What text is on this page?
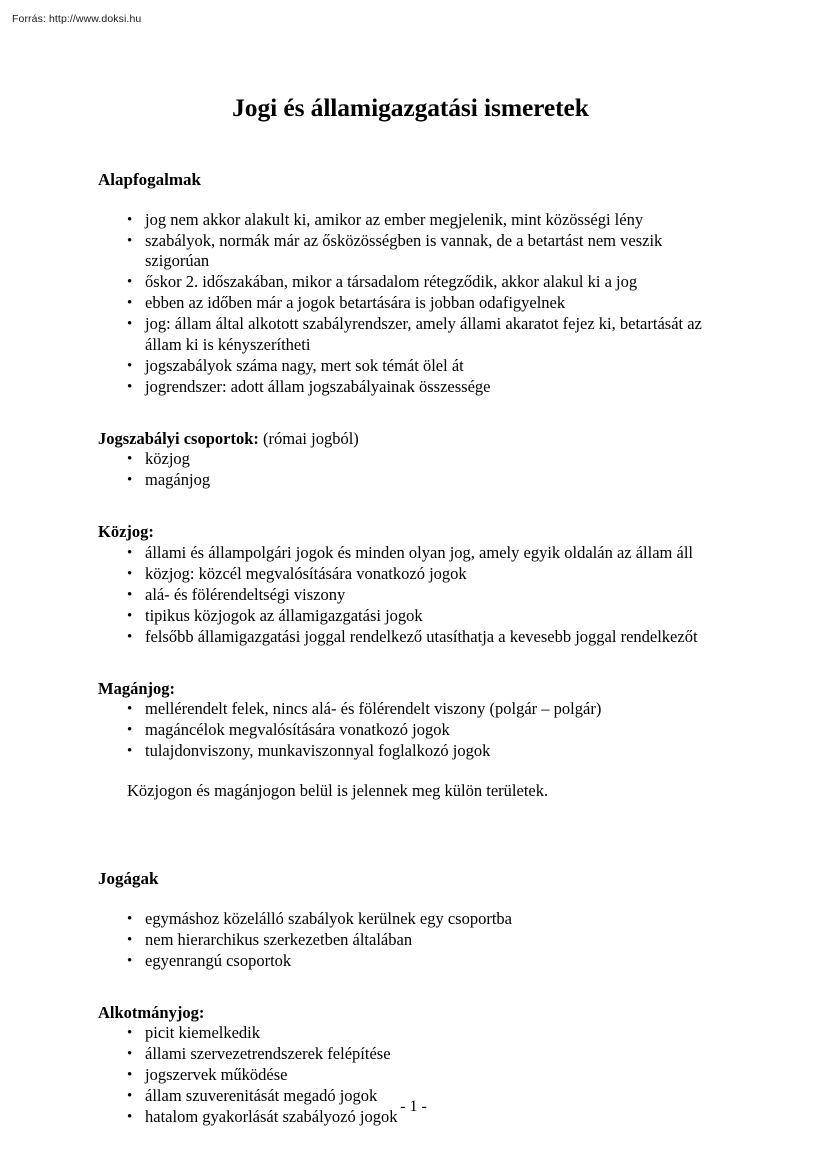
Forrás: http://www.doksi.hu
Jogi és államigazgatási ismeretek
Alapfogalmak
• jog nem akkor alakult ki, amikor az ember megjelenik, mint közösségi lény
• szabályok, normák már az ősközösségben is vannak, de a betartást nem veszik szigorúan
• őskor 2. időszakában, mikor a társadalom rétegződik, akkor alakul ki a jog
• ebben az időben már a jogok betartására is jobban odafigyelnek
• jog: állam által alkotott szabályrendszer, amely állami akaratot fejez ki, betartását az állam ki is kényszerítheti
• jogszabályok száma nagy, mert sok témát ölel át
• jogrendszer: adott állam jogszabályainak összessége
Jogszabályi csoportok: (római jogból)
• közjog
• magánjog
Közjog:
• állami és állampolgári jogok és minden olyan jog, amely egyik oldalán az állam áll
• közjog: közcél megvalósítására vonatkozó jogok
• alá- és fölérendeltségi viszony
• tipikus közjogok az államigazgatási jogok
• felsőbb államigazgatási joggal rendelkező utasíthatja a kevesebb joggal rendelkezőt
Magánjog:
• mellérendelt felek, nincs alá- és fölérendelt viszony (polgár – polgár)
• magáncélok megvalósítására vonatkozó jogok
• tulajdonviszony, munkaviszonnyal foglalkozó jogok

Közjogon és magánjogon belül is jelennek meg külön területek.

Jogágak
• egymáshoz közelálló szabályok kerülnek egy csoportba
• nem hierarchikus szerkezetben általában
• egyenrangú csoportok
Alkotmányjog:
• picit kiemelkedik
• állami szervezetrendszerek felépítése
• jogszervek működése
• állam szuverenitását megadó jogok
• hatalom gyakorlását szabályozó jogok
- 1 -
